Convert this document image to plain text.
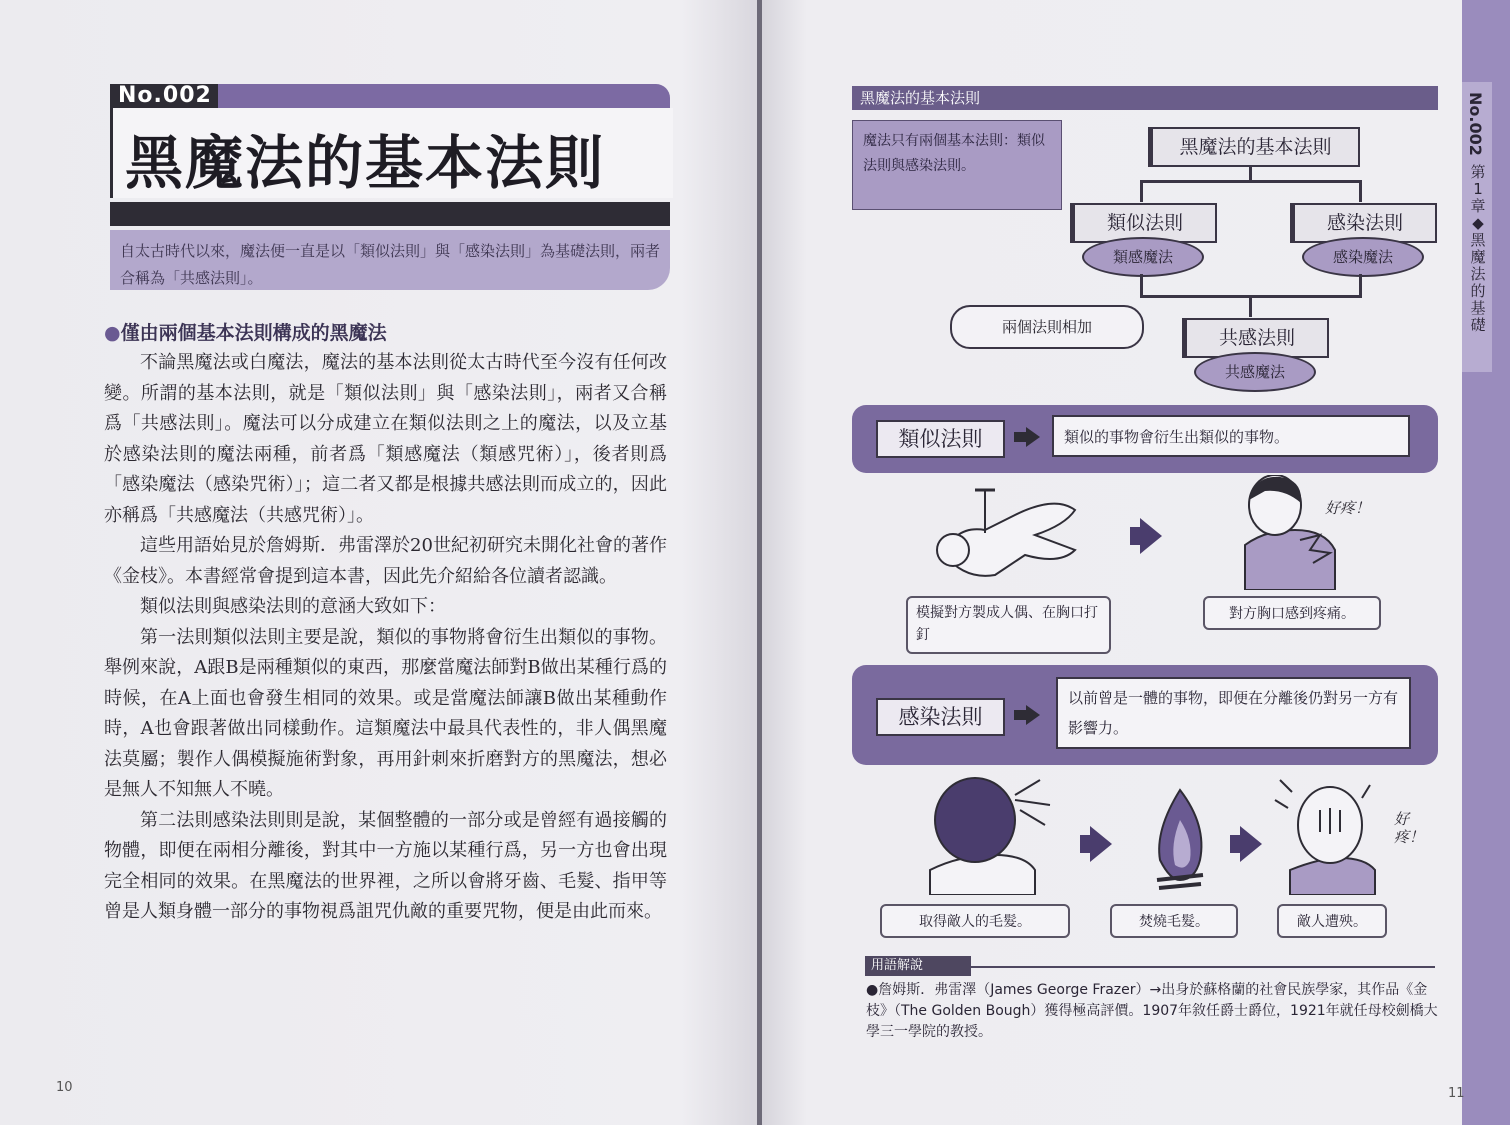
No.002
黑魔法的基本法則
自太古時代以來，魔法便一直是以「類似法則」與「感染法則」為基礎法則，兩者合稱為「共感法則」。
●僅由兩個基本法則構成的黑魔法

不論黑魔法或白魔法，魔法的基本法則從太古時代至今沒有任何改變。所謂的基本法則，就是「類似法則」與「感染法則」，兩者又合稱爲「共感法則」。魔法可以分成建立在類似法則之上的魔法，以及立基於感染法則的魔法兩種，前者爲「類感魔法（類感咒術）」，後者則爲「感染魔法（感染咒術）」；這二者又都是根據共感法則而成立的，因此亦稱爲「共感魔法（共感咒術）」。

這些用語始見於詹姆斯．弗雷澤於20世紀初研究未開化社會的著作《金枝》。本書經常會提到這本書，因此先介紹給各位讀者認識。

類似法則與感染法則的意涵大致如下：

第一法則類似法則主要是說，類似的事物將會衍生出類似的事物。舉例來說，A跟B是兩種類似的東西，那麼當魔法師對B做出某種行爲的時候，在A上面也會發生相同的效果。或是當魔法師讓B做出某種動作時，A也會跟著做出同樣動作。這類魔法中最具代表性的，非人偶黑魔法莫屬；製作人偶模擬施術對象，再用針刺來折磨對方的黑魔法，想必是無人不知無人不曉。

第二法則感染法則則是說，某個整體的一部分或是曾經有過接觸的物體，即便在兩相分離後，對其中一方施以某種行爲，另一方也會出現完全相同的效果。在黑魔法的世界裡，之所以會將牙齒、毛髮、指甲等曾是人類身體一部分的事物視爲詛咒仇敵的重要咒物，便是由此而來。

10
No.002
第1章◆黑魔法的基礎
黑魔法的基本法則
魔法只有兩個基本法則：類似法則與感染法則。
黑魔法的基本法則
類似法則
類感魔法
感染法則
感染魔法
兩個法則相加	共感法則
共感魔法
類似法則	類似的事物會衍生出類似的事物。
好疼！
模擬對方製成人偶、在胸口打釘
對方胸口感到疼痛。
感染法則
以前曾是一體的事物，即便在分離後仍對另一方有影響力。
好疼！
取得敵人的毛髮。	焚燒毛髮。	敵人遭殃。
用語解說
●詹姆斯．弗雷澤（James George Frazer）→出身於蘇格蘭的社會民族學家，其作品《金枝》（The Golden Bough）獲得極高評價。1907年敘任爵士爵位，1921年就任母校劍橋大學三一學院的教授。
11
